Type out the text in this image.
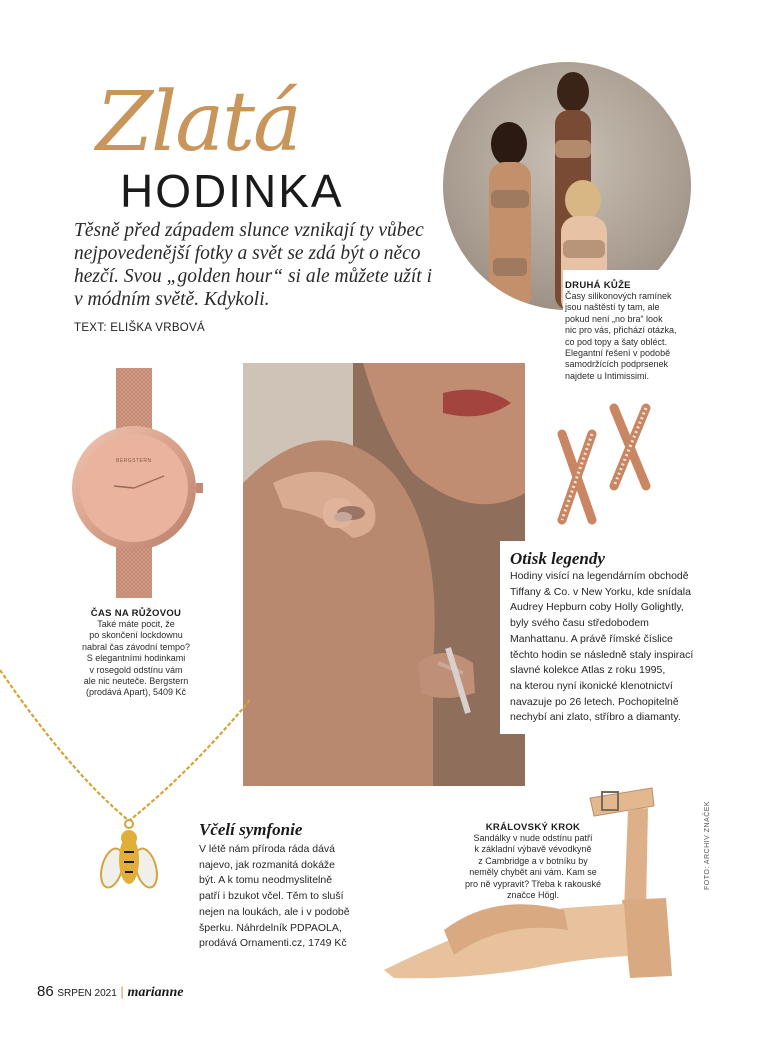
Zlatá
HODINKA
Těsně před západem slunce vznikají ty vůbec nejpovedenější fotky a svět se zdá být o něco hezčí. Svou „golden hour“ si ale můžete užít i v módním světě. Kdykoli.
TEXT: ELIŠKA VRBOVÁ
DRUHÁ KŮŽE
Časy silikonových ramínek
jsou naštěstí ty tam, ale
pokud není „no bra“ look
nic pro vás, přichází otázka,
co pod topy a šaty obléct.
Elegantní řešení v podobě
samodržících podprsenek
najdete u Intimissimi.
BERGSTERN
ČAS NA RŮŽOVOU
Také máte pocit, že
po skončení lockdownu
nabral čas závodní tempo?
S elegantními hodinkami
v rosegold odstínu vám
ale nic neuteče. Bergstern
(prodává Apart), 5409 Kč
Otisk legendy
Hodiny visící na legendárním obchodě
Tiffany & Co. v New Yorku, kde snídala
Audrey Hepburn coby Holly Golightly,
byly svého času středobodem
Manhattanu. A právě římské číslice
těchto hodin se následně staly inspirací
slavné kolekce Atlas z roku 1995,
na kterou nyní ikonické klenotnictví
navazuje po 26 letech. Pochopitelně
nechybí ani zlato, stříbro a diamanty.
Včelí symfonie
V létě nám příroda ráda dává
najevo, jak rozmanitá dokáže
být. A k tomu neodmyslitelně
patří i bzukot včel. Těm to sluší
nejen na loukách, ale i v podobě
šperku. Náhrdelník PDPAOLA,
prodává Ornamenti.cz, 1749 Kč
KRÁLOVSKÝ KROK
Sandálky v nude odstínu patří
k základní výbavě vévodkyně
z Cambridge a v botníku by
neměly chybět ani vám. Kam se
pro ně vypravit? Třeba k rakouské
značce Högl.
FOTO: ARCHIV ZNAČEK
86 SRPEN 2021 | marianne
